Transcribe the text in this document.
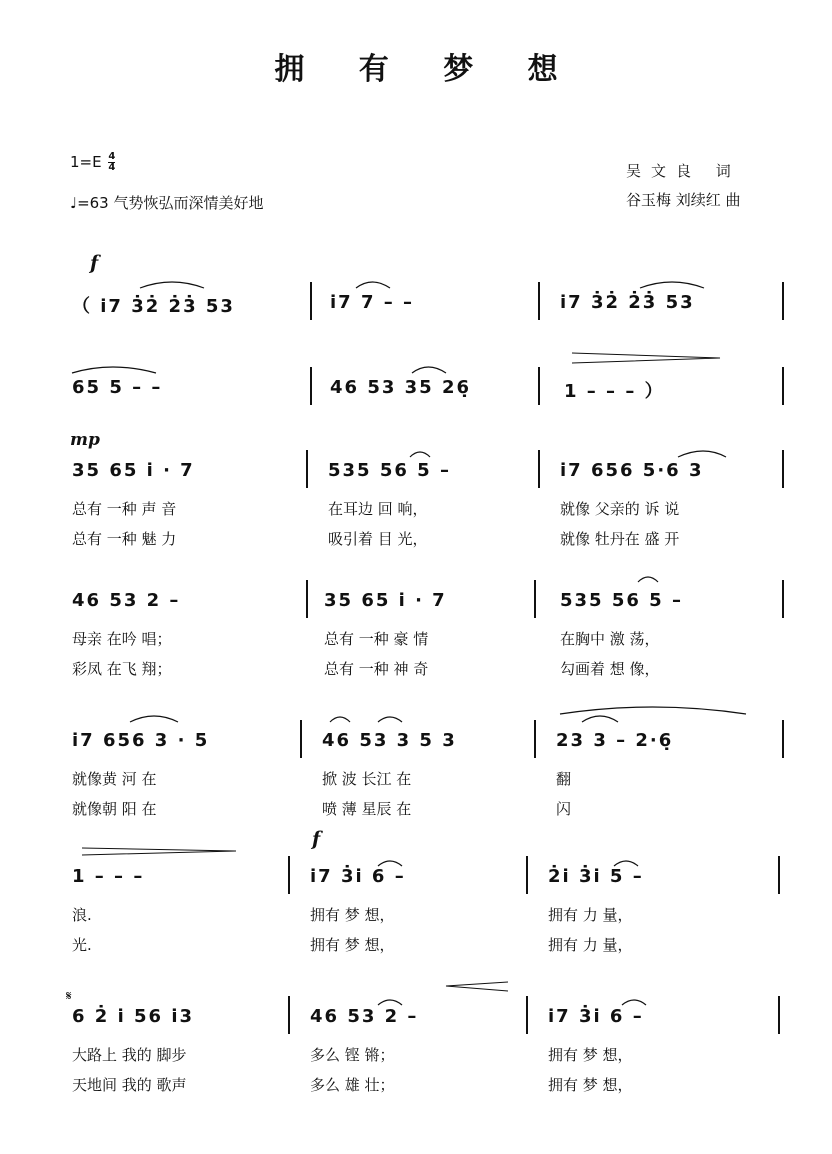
拥 有 梦 想
$1=E \frac{4}{4}$
♩=63 气势恢弘而深情美好地
吴文良 词
谷玉梅 刘续红 曲
f
mp
f
（ i̇7 3̇2̇ 2̇3̇ 53	i̇7 7 – –	i̇7 3̇2̇ 2̇3̇ 53
65 5 – –	46 53 35 26̣	1 – – – ）
35 65 i̇ · 7	535 56 5 –	i̇7 656 5·6 3
总有 一种 声 音	在耳边 回 响，	就像 父亲的 诉 说
总有 一种 魅 力	吸引着 目 光，	就像 牡丹在 盛 开
46 53 2 –	35 65 i̇ · 7	535 56 5 –
母亲 在吟 唱；	总有 一种 豪 情	在胸中 激 荡，
彩凤 在飞 翔；	总有 一种 神 奇	勾画着 想 像，
i̇7 656 3 · 5	46 53 3 5 3	23 3 – 2·6̣
就像黄 河 在	掀 波 长江 在	翻
就像朝 阳 在	喷 薄 星辰 在	闪
1 – – –	i̇7 3̇i̇ 6 –	2̇i̇ 3̇i̇ 5 –
浪.	拥有 梦 想，	拥有 力 量，
光.	拥有 梦 想，	拥有 力 量，
6 2̇ i̇ 56 i̇3	46 53 2 –	i̇7 3̇i̇ 6 –
大路上 我的 脚步	多么 铿 锵；	拥有 梦 想，
天地间 我的 歌声	多么 雄 壮；	拥有 梦 想，
𝄋
